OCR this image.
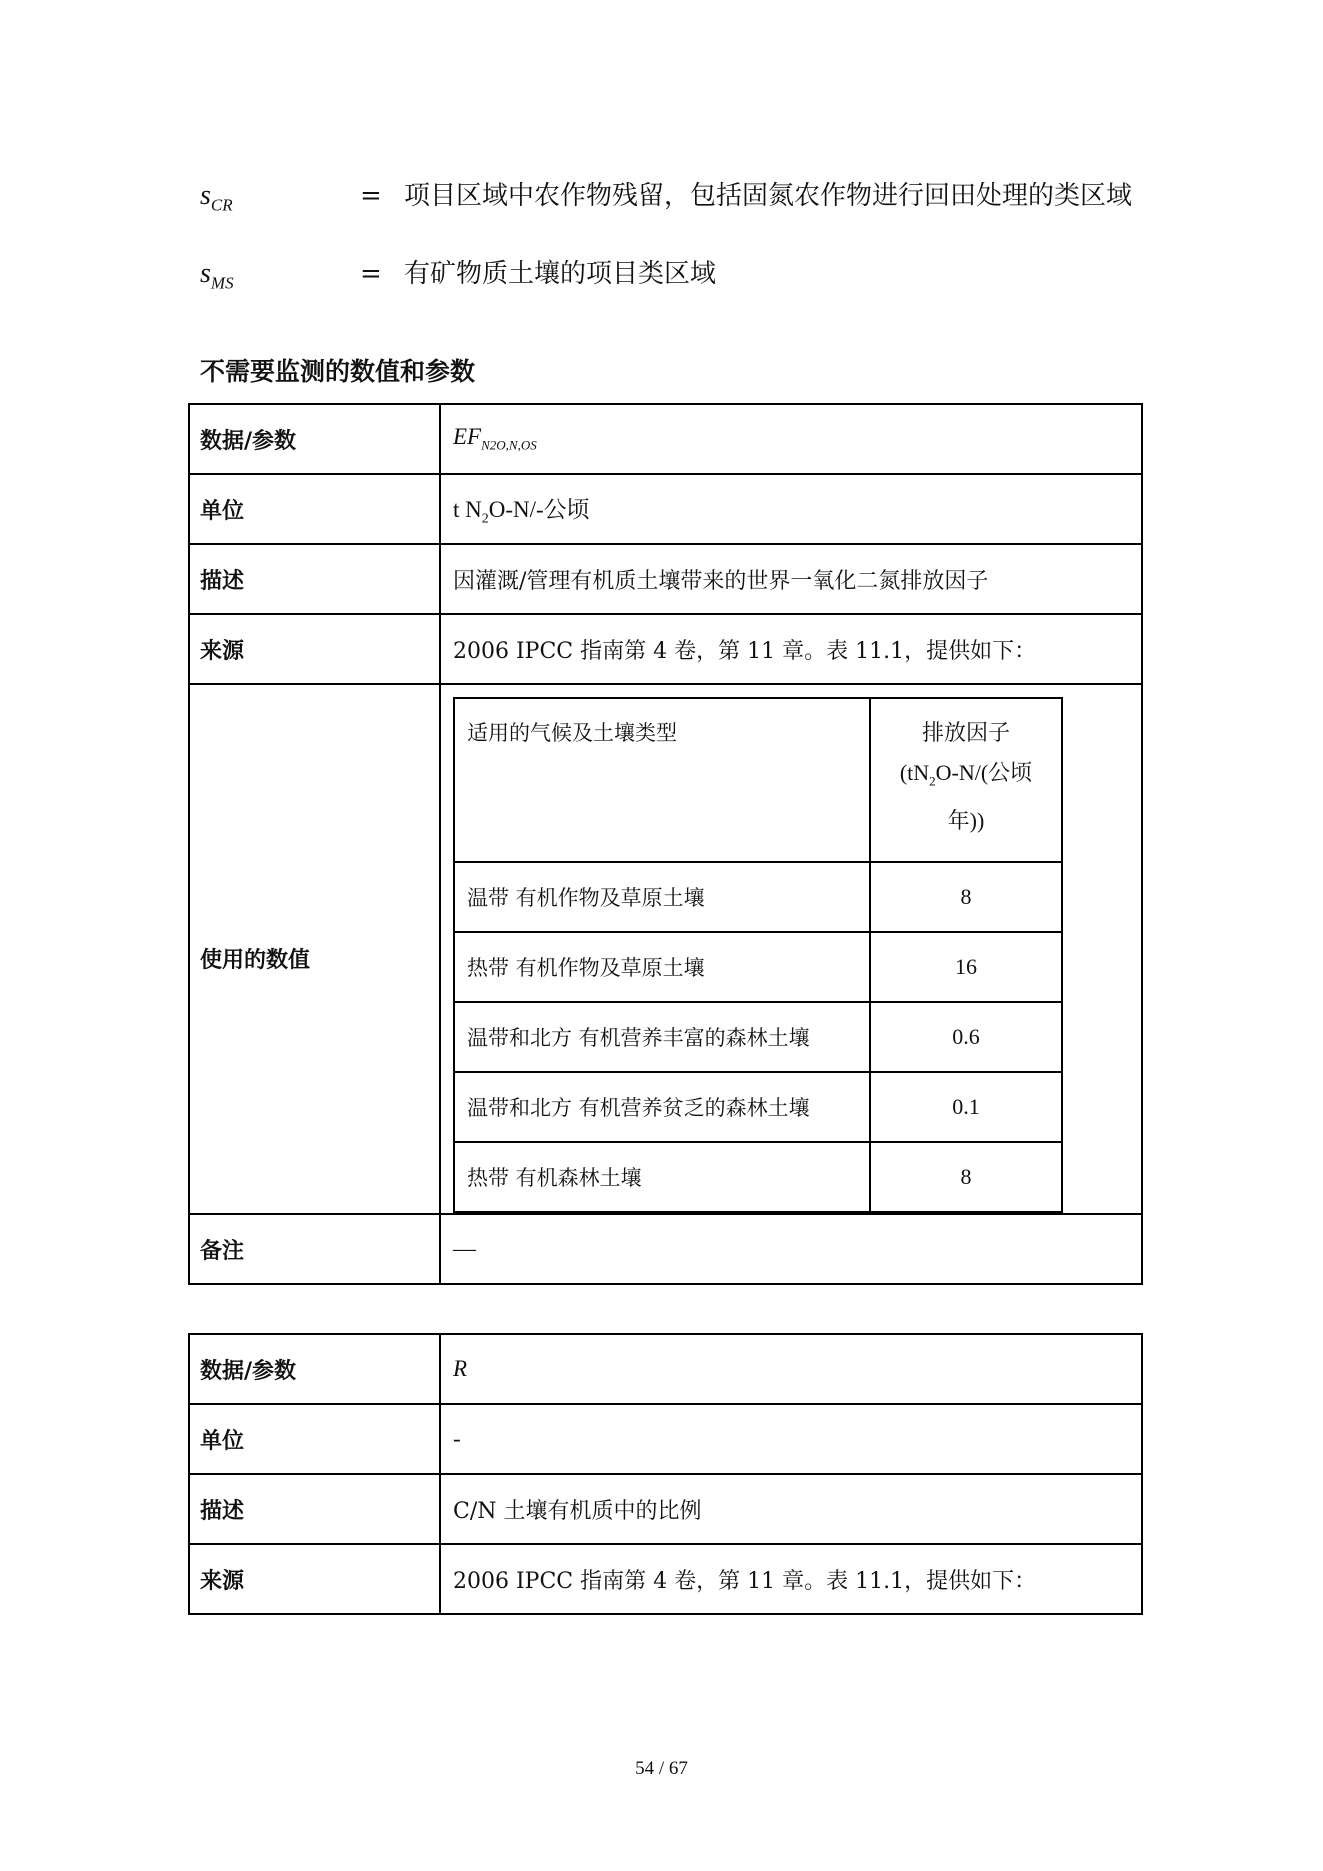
$s_{CR}$	= 项目区域中农作物残留，包括固氮农作物进行回田处理的类区域
$s_{MS}$	= 有矿物质土壤的项目类区域
不需要监测的数值和参数
数据/参数	$EF_{N2O,N,OS}$
单位	t $N_2O-N/-$公顷
描述	因灌溉/管理有机质土壤带来的世界一氧化二氮排放因子
来源	2006 IPCC 指南第 4 卷，第 11 章。表 11.1，提供如下：
使用的数值	
适用的气候及土壤类型	排放因子
($tN_2O-N/$(公顷
年))

温带 有机作物及草原土壤	8
热带 有机作物及草原土壤	16
温带和北方 有机营养丰富的森林土壤	0.6
温带和北方 有机营养贫乏的森林土壤	0.1
热带 有机森林土壤	8

备注	—
数据/参数	R
单位	-
描述	C/N 土壤有机质中的比例
来源	2006 IPCC 指南第 4 卷，第 11 章。表 11.1，提供如下：
54 / 67
